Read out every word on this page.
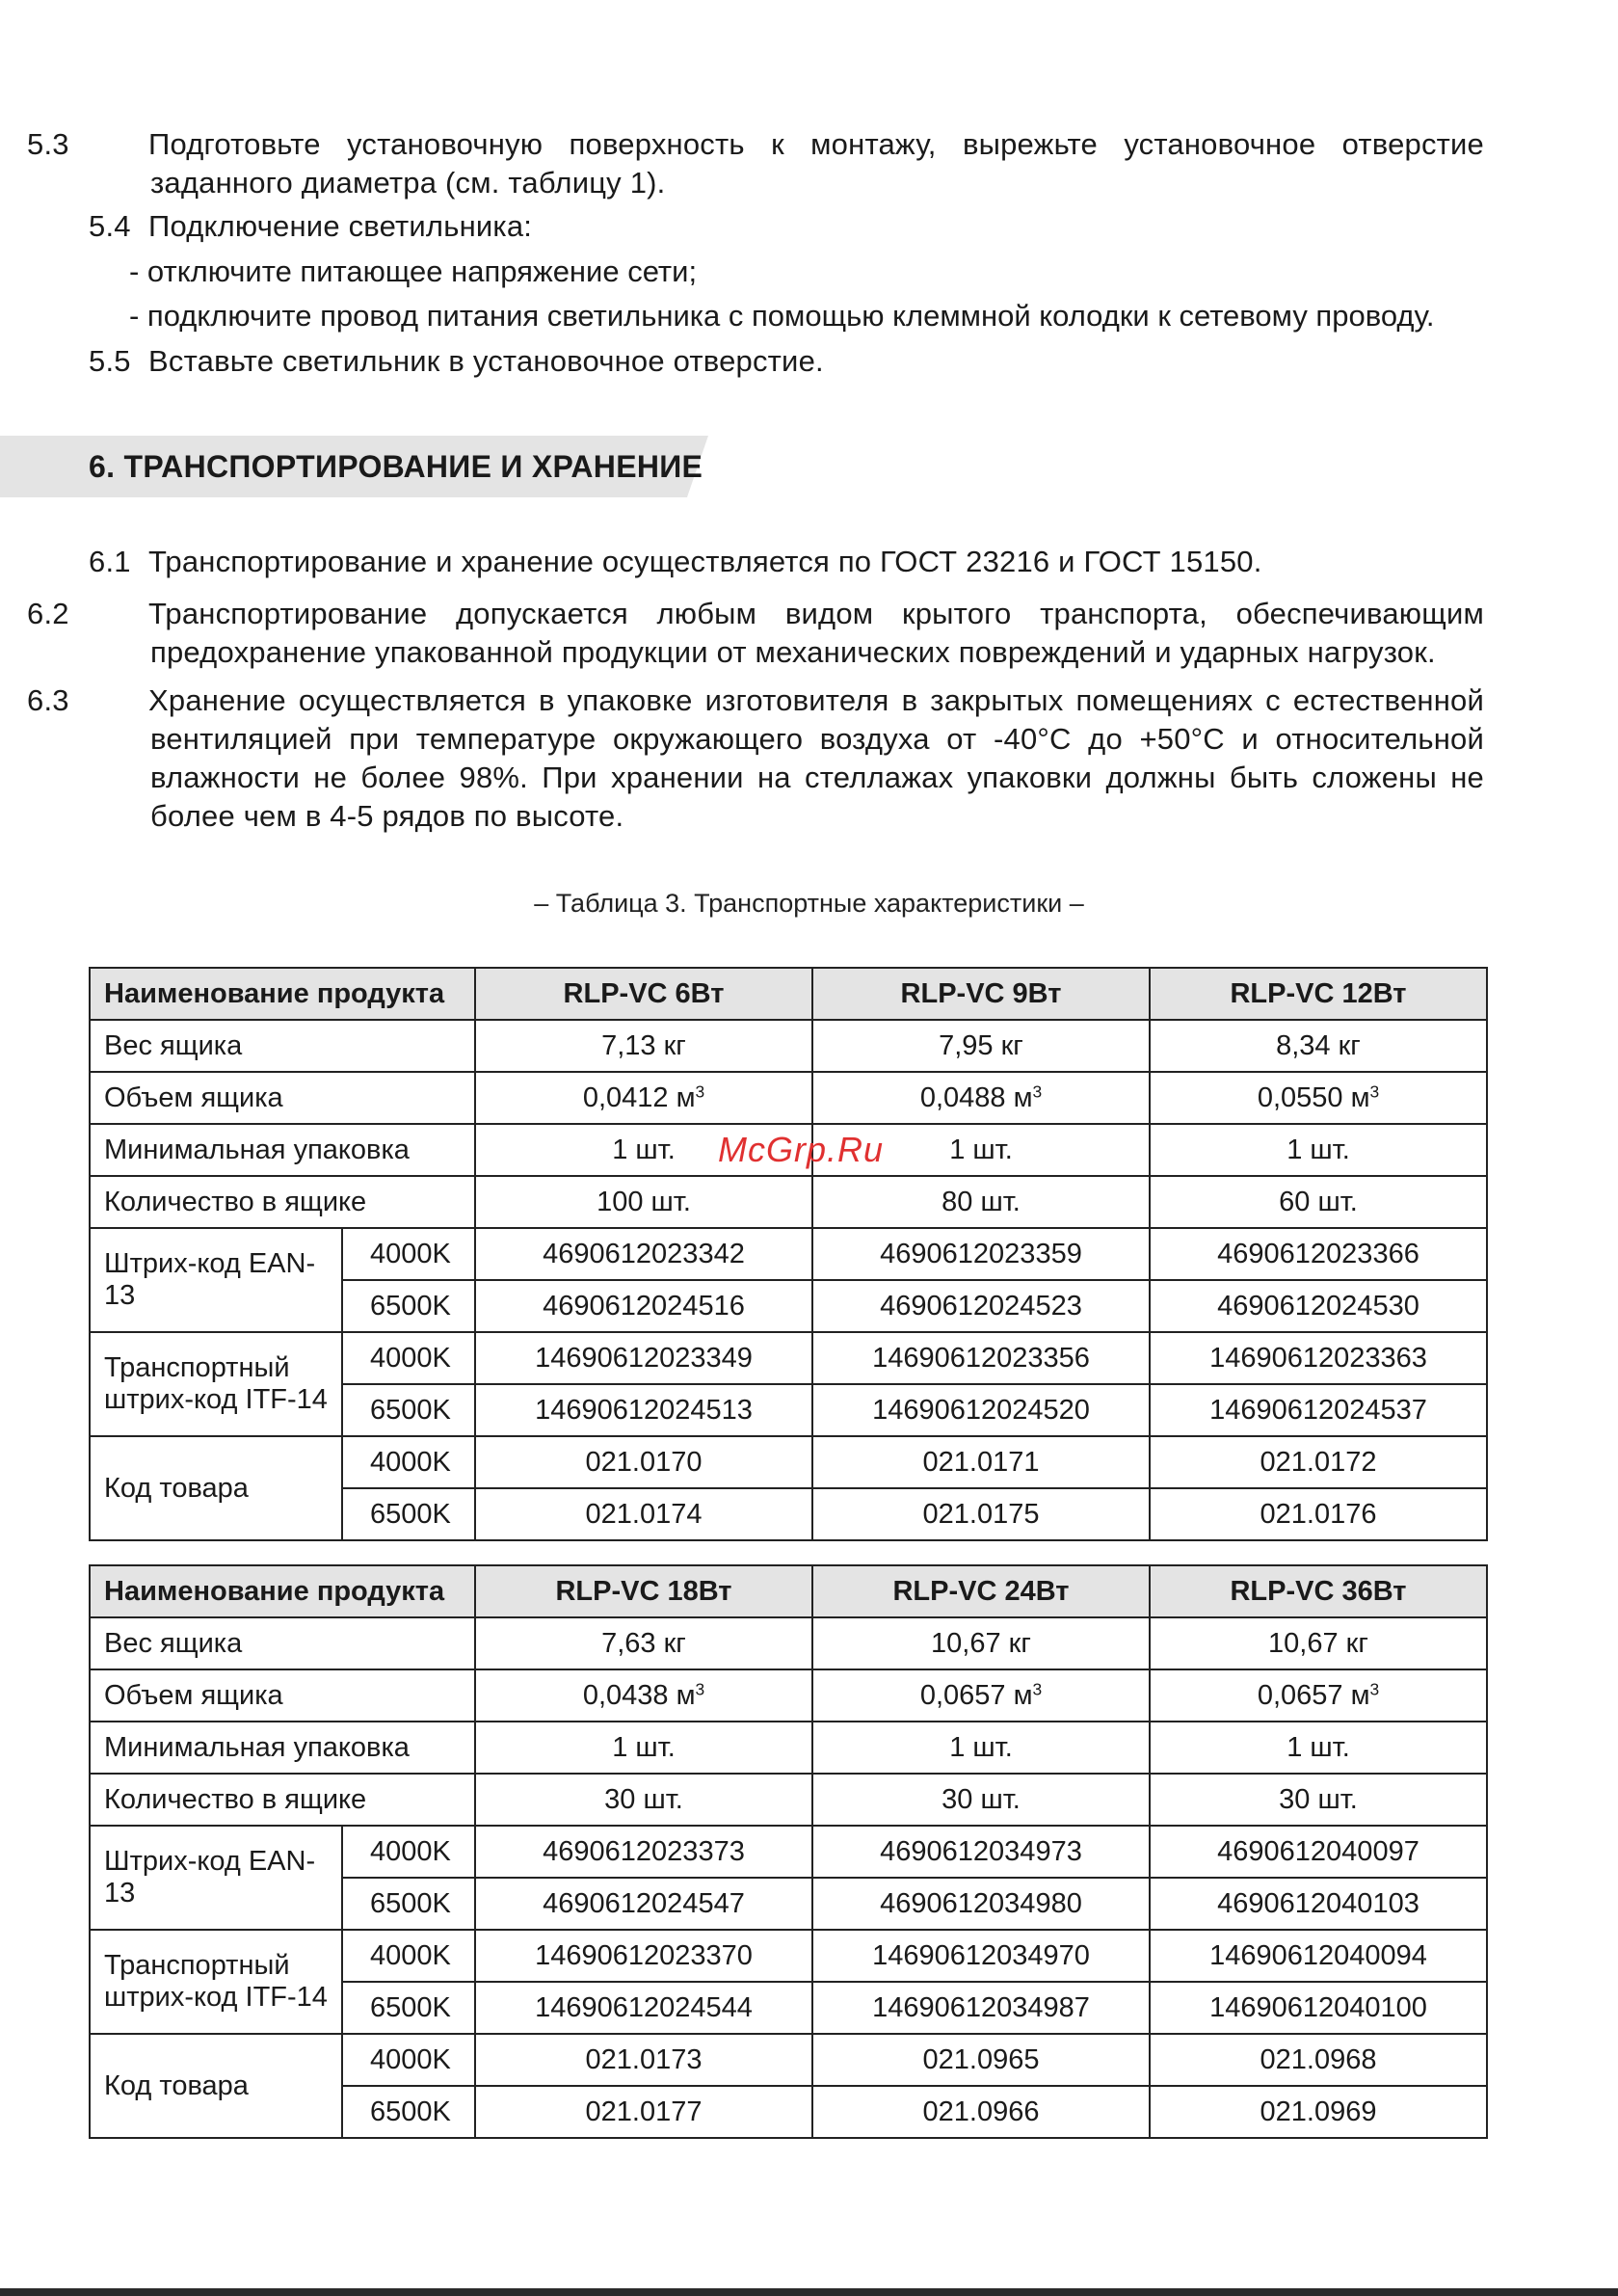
5.3	Подготовьте установочную поверхность к монтажу, вырежьте установочное отверстие заданного диаметра (см. таблицу 1).
5.4 Подключение светильника:
- отключите питающее напряжение сети;
- подключите провод питания светильника с помощью клеммной колодки к сетевому проводу.
5.5 Вставьте светильник в установочное отверстие.
6. ТРАНСПОРТИРОВАНИЕ И ХРАНЕНИЕ
6.1 Транспортирование и хранение осуществляется по ГОСТ 23216 и ГОСТ 15150.
6.2	Транспортирование допускается любым видом крытого транспорта, обеспечивающим предохранение упакованной продукции от механических повреждений и ударных нагрузок.
6.3	Хранение осуществляется в упаковке изготовителя в закрытых помещениях с естественной вентиляцией при температуре окружающего воздуха от -40°С до +50°С и относительной влажности не более 98%. При хранении на стеллажах упаковки должны быть сложены не более чем в 4-5 рядов по высоте.
– Таблица 3. Транспортные характеристики –
Наименование продукта		RLP-VC 6Вт	RLP-VC 9Вт	RLP-VC 12Вт
Вес ящика		7,13 кг	7,95 кг	8,34 кг
Объем ящика		0,0412 $м^3$	0,0488 $м^3$	0,0550 $м^3$
Минимальная упаковка		1 шт.	1 шт.	1 шт.
Количество в ящике		100 шт.	80 шт.	60 шт.
Штрих-код EAN-13	4000K	4690612023342	4690612023359	4690612023366
	6500K	4690612024516	4690612024523	4690612024530
Транспортный штрих-код ITF-14	4000K	14690612023349	14690612023356	14690612023363
	6500K	14690612024513	14690612024520	14690612024537
Код товара	4000K	021.0170	021.0171	021.0172
	6500K	021.0174	021.0175	021.0176
Наименование продукта		RLP-VC 18Вт	RLP-VC 24Вт	RLP-VC 36Вт
Вес ящика		7,63 кг	10,67 кг	10,67 кг
Объем ящика		0,0438 $м^3$	0,0657 $м^3$	0,0657 $м^3$
Минимальная упаковка		1 шт.	1 шт.	1 шт.
Количество в ящике		30 шт.	30 шт.	30 шт.
Штрих-код EAN-13	4000K	4690612023373	4690612034973	4690612040097
	6500K	4690612024547	4690612034980	4690612040103
Транспортный штрих-код ITF-14	4000K	14690612023370	14690612034970	14690612040094
	6500K	14690612024544	14690612034987	14690612040100
Код товара	4000K	021.0173	021.0965	021.0968
	6500K	021.0177	021.0966	021.0969
McGrp.Ru
